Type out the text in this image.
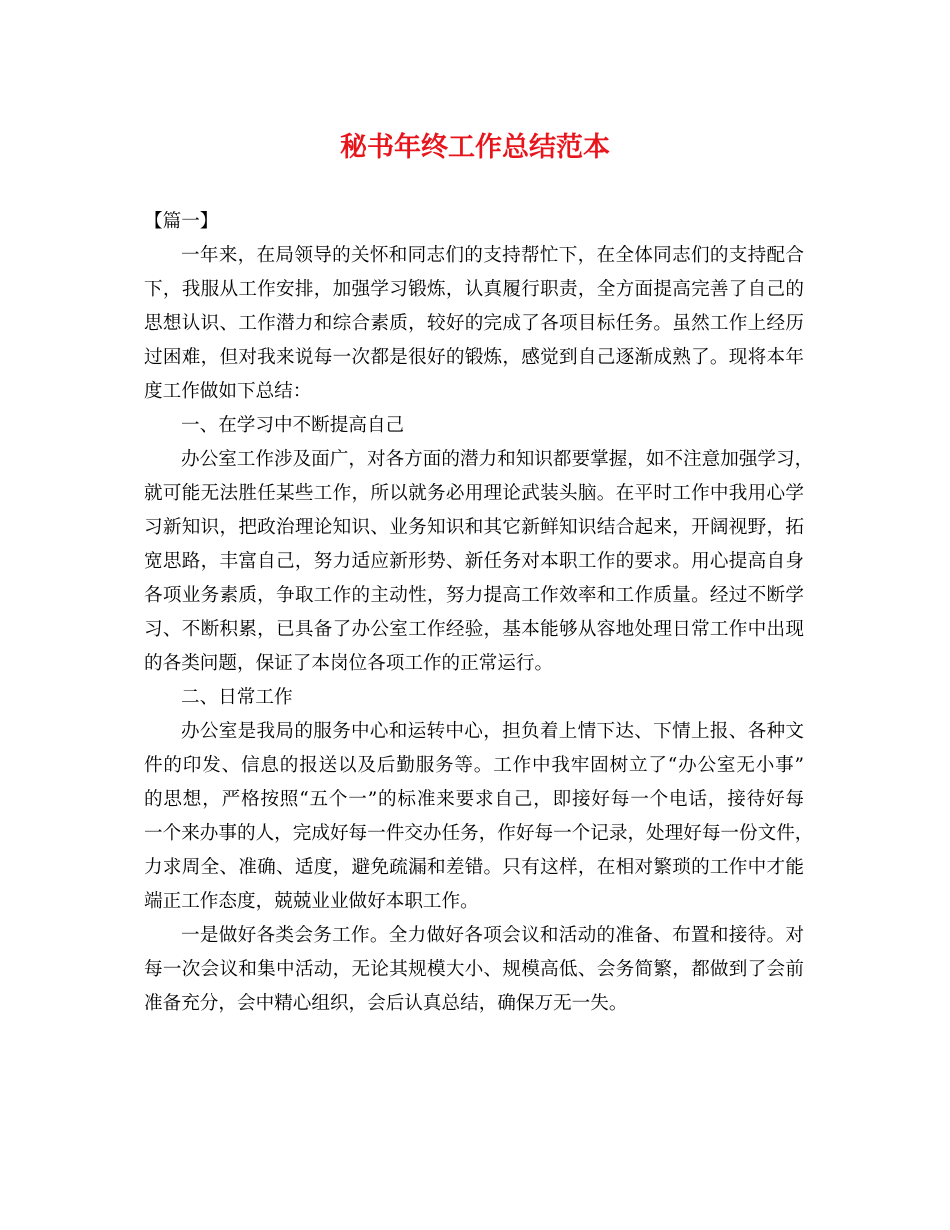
秘书年终工作总结范本
【篇一】
一年来，在局领导的关怀和同志们的支持帮忙下，在全体同志们的支持配合
下，我服从工作安排，加强学习锻炼，认真履行职责，全方面提高完善了自己的
思想认识、工作潜力和综合素质，较好的完成了各项目标任务。虽然工作上经历
过困难，但对我来说每一次都是很好的锻炼，感觉到自己逐渐成熟了。现将本年
度工作做如下总结：
一、在学习中不断提高自己
办公室工作涉及面广，对各方面的潜力和知识都要掌握，如不注意加强学习，
就可能无法胜任某些工作，所以就务必用理论武装头脑。在平时工作中我用心学
习新知识，把政治理论知识、业务知识和其它新鲜知识结合起来，开阔视野，拓
宽思路，丰富自己，努力适应新形势、新任务对本职工作的要求。用心提高自身
各项业务素质，争取工作的主动性，努力提高工作效率和工作质量。经过不断学
习、不断积累，已具备了办公室工作经验，基本能够从容地处理日常工作中出现
的各类问题，保证了本岗位各项工作的正常运行。
二、日常工作
办公室是我局的服务中心和运转中心，担负着上情下达、下情上报、各种文
件的印发、信息的报送以及后勤服务等。工作中我牢固树立了“办公室无小事”
的思想，严格按照“五个一”的标准来要求自己，即接好每一个电话，接待好每
一个来办事的人，完成好每一件交办任务，作好每一个记录，处理好每一份文件，
力求周全、准确、适度，避免疏漏和差错。只有这样，在相对繁琐的工作中才能
端正工作态度，兢兢业业做好本职工作。
一是做好各类会务工作。全力做好各项会议和活动的准备、布置和接待。对
每一次会议和集中活动，无论其规模大小、规模高低、会务简繁，都做到了会前
准备充分，会中精心组织，会后认真总结，确保万无一失。
